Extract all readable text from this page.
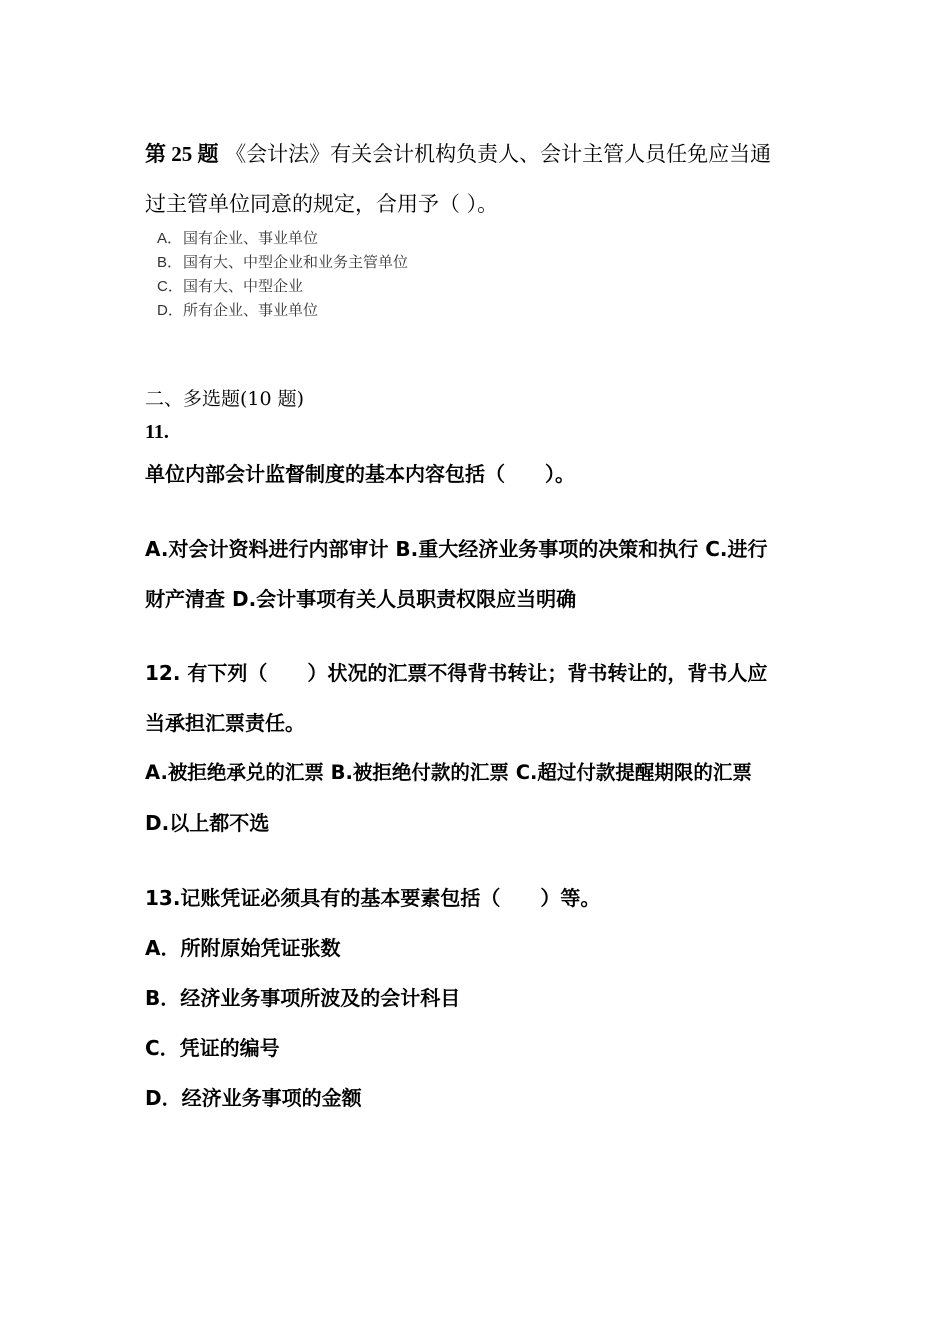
第 25 题 《会计法》有关会计机构负责人、会计主管人员任免应当通
过主管单位同意的规定，合用予（ ）。
A．国有企业、事业单位
B．国有大、中型企业和业务主管单位
C．国有大、中型企业
D．所有企业、事业单位
二、多选题(10 题)
11.
单位内部会计监督制度的基本内容包括（　　）。
A.对会计资料进行内部审计 B.重大经济业务事项的决策和执行 C.进行
财产清查 D.会计事项有关人员职责权限应当明确
12. 有下列（　　）状况的汇票不得背书转让；背书转让的，背书人应
当承担汇票责任。
A.被拒绝承兑的汇票 B.被拒绝付款的汇票 C.超过付款提醒期限的汇票
D.以上都不选
13.记账凭证必须具有的基本要素包括（　　）等。
A．所附原始凭证张数
B．经济业务事项所波及的会计科目
C．凭证的编号
D．经济业务事项的金额
